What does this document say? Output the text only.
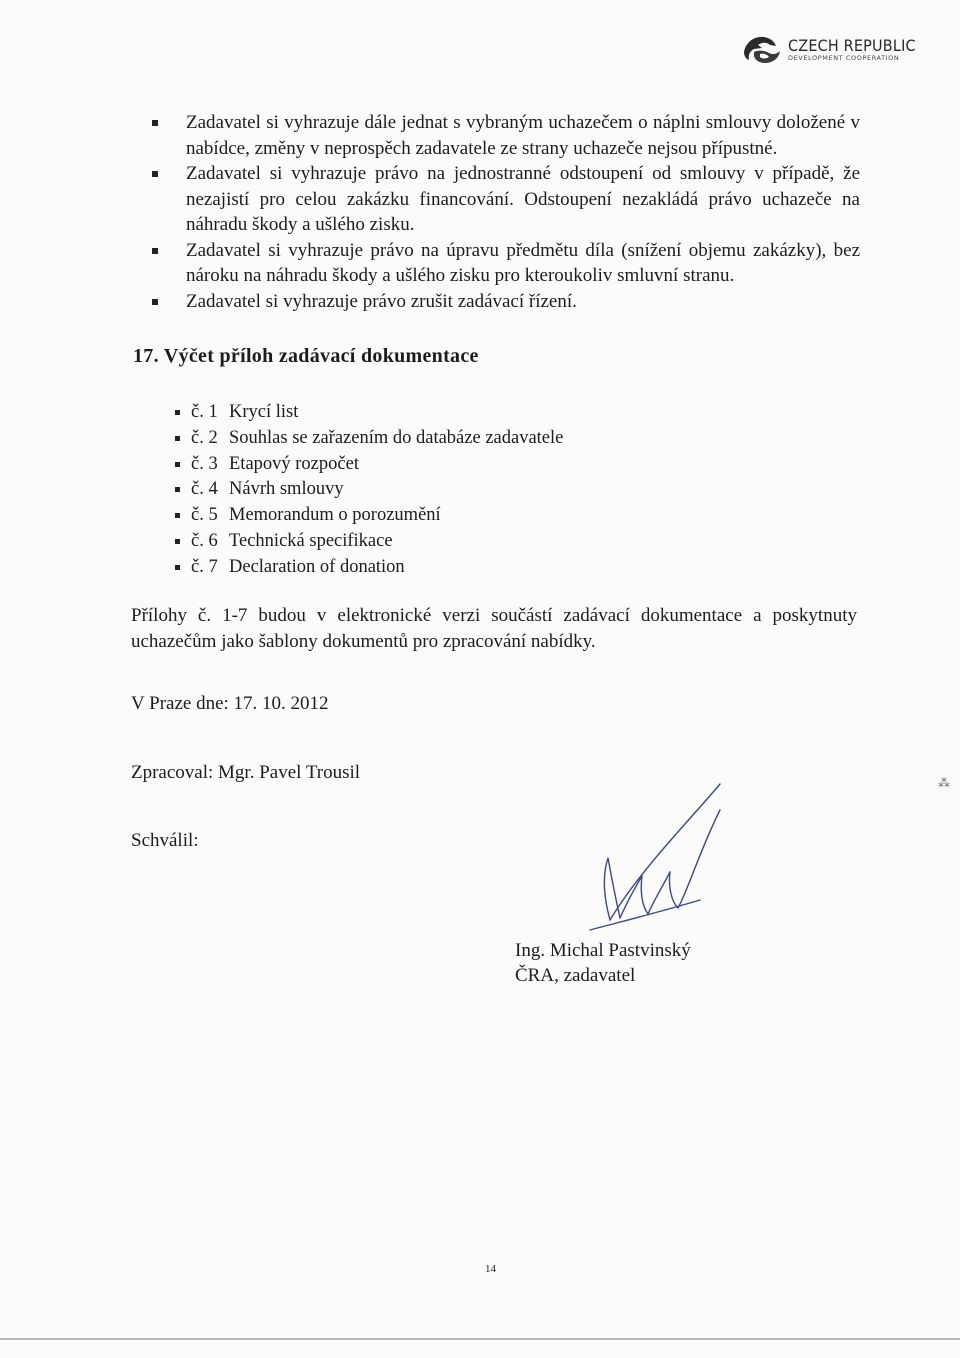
CZECH REPUBLIC
DEVELOPMENT COOPERATION
Zadavatel si vyhrazuje dále jednat s vybraným uchazečem o náplni smlouvy doložené v nabídce, změny v neprospěch zadavatele ze strany uchazeče nejsou přípustné.
Zadavatel si vyhrazuje právo na jednostranné odstoupení od smlouvy v případě, že nezajistí pro celou zakázku financování. Odstoupení nezakládá právo uchazeče na náhradu škody a ušlého zisku.
Zadavatel si vyhrazuje právo na úpravu předmětu díla (snížení objemu zakázky), bez nároku na náhradu škody a ušlého zisku pro kteroukoliv smluvní stranu.
Zadavatel si vyhrazuje právo zrušit zadávací řízení.
17. Výčet příloh zadávací dokumentace
č. 1 Krycí list
č. 2 Souhlas se zařazením do databáze zadavatele
č. 3 Etapový rozpočet
č. 4 Návrh smlouvy
č. 5 Memorandum o porozumění
č. 6 Technická specifikace
č. 7 Declaration of donation
Přílohy č. 1-7 budou v elektronické verzi součástí zadávací dokumentace a poskytnuty uchazečům jako šablony dokumentů pro zpracování nabídky.
V Praze dne: 17. 10. 2012
Zpracoval: Mgr. Pavel Trousil
Schválil:
Ing. Michal Pastvinský
ČRA, zadavatel
⁂
14
